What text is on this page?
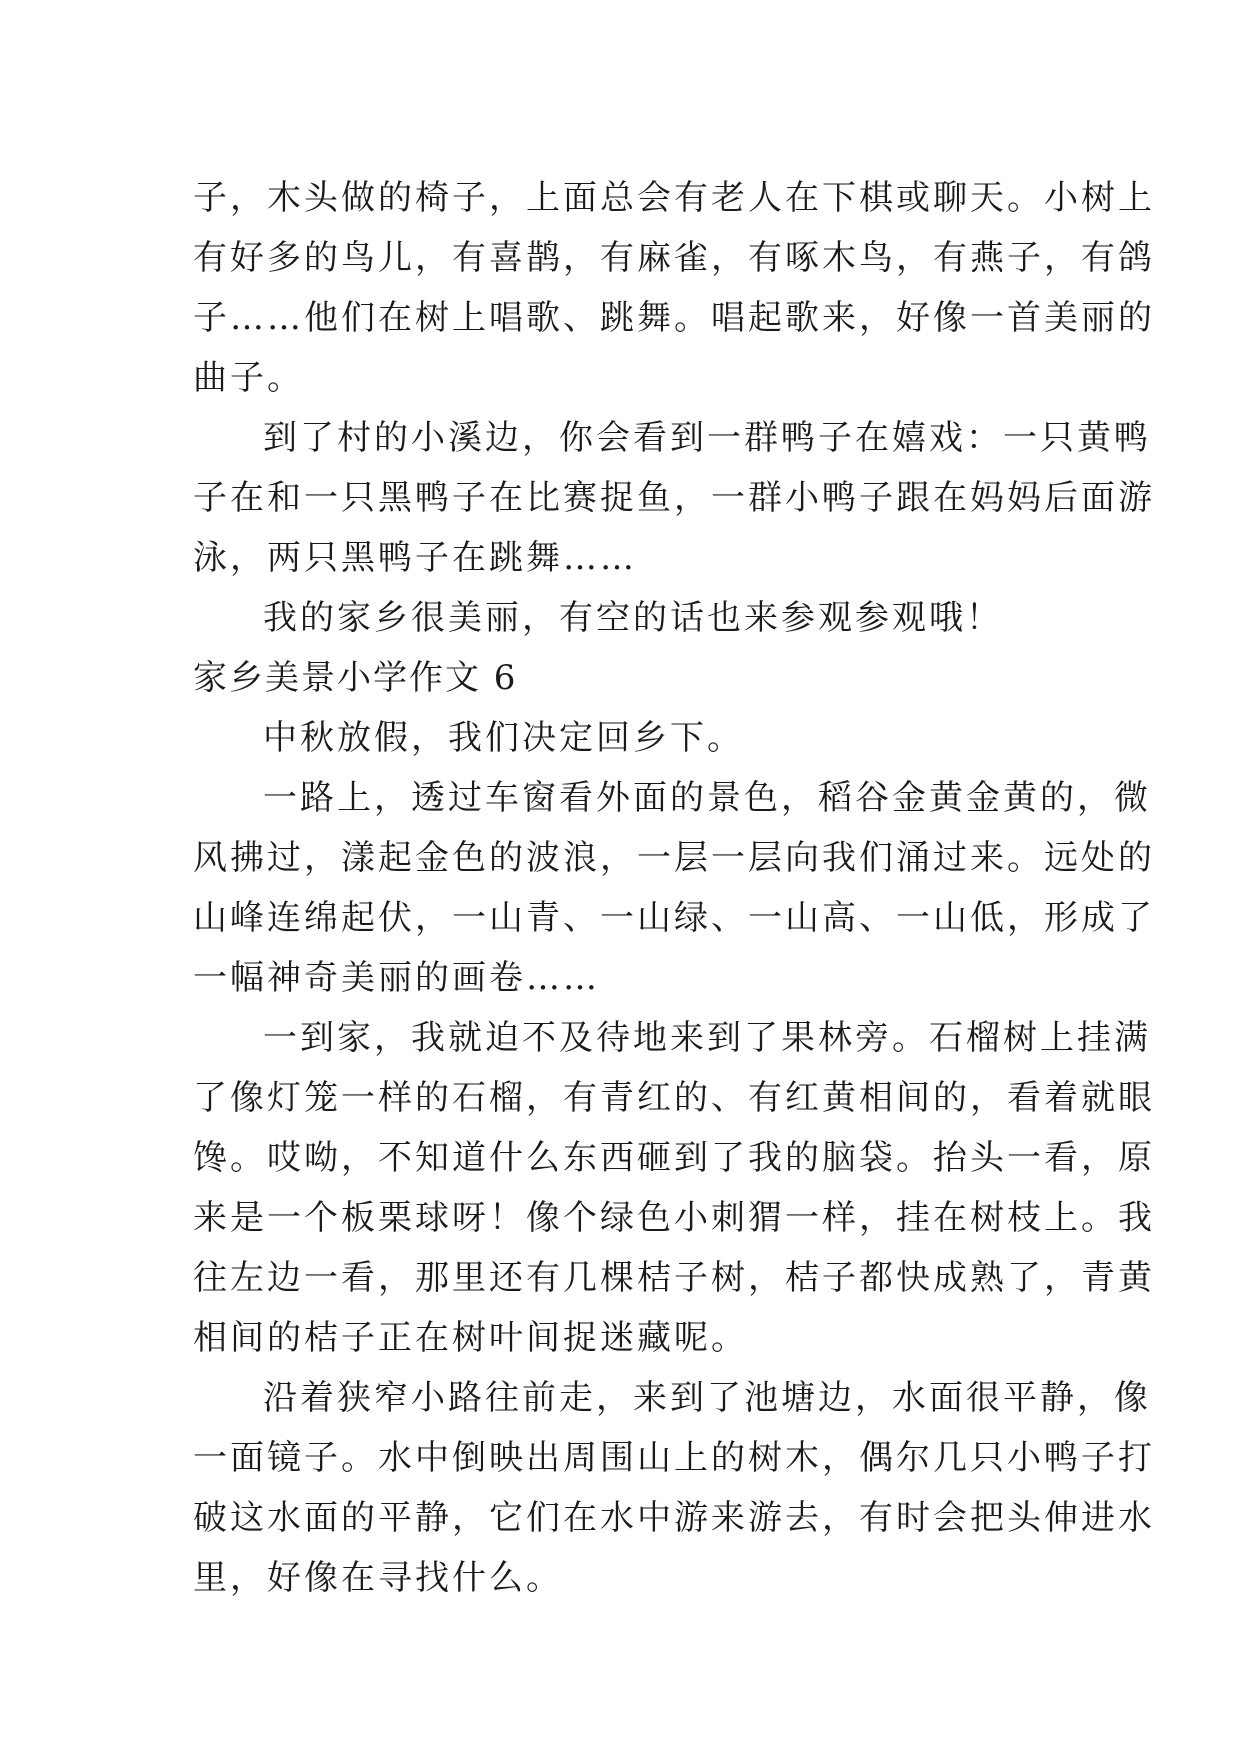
子，木头做的椅子，上面总会有老人在下棋或聊天。小树上
有好多的鸟儿，有喜鹊，有麻雀，有啄木鸟，有燕子，有鸽
子……他们在树上唱歌、跳舞。唱起歌来，好像一首美丽的
曲子。
到了村的小溪边，你会看到一群鸭子在嬉戏：一只黄鸭
子在和一只黑鸭子在比赛捉鱼，一群小鸭子跟在妈妈后面游
泳，两只黑鸭子在跳舞……
我的家乡很美丽，有空的话也来参观参观哦！
家乡美景小学作文 6
中秋放假，我们决定回乡下。
一路上，透过车窗看外面的景色，稻谷金黄金黄的，微
风拂过，漾起金色的波浪，一层一层向我们涌过来。远处的
山峰连绵起伏，一山青、一山绿、一山高、一山低，形成了
一幅神奇美丽的画卷……
一到家，我就迫不及待地来到了果林旁。石榴树上挂满
了像灯笼一样的石榴，有青红的、有红黄相间的，看着就眼
馋。哎呦，不知道什么东西砸到了我的脑袋。抬头一看，原
来是一个板栗球呀！像个绿色小刺猬一样，挂在树枝上。我
往左边一看，那里还有几棵桔子树，桔子都快成熟了，青黄
相间的桔子正在树叶间捉迷藏呢。
沿着狭窄小路往前走，来到了池塘边，水面很平静，像
一面镜子。水中倒映出周围山上的树木，偶尔几只小鸭子打
破这水面的平静，它们在水中游来游去，有时会把头伸进水
里，好像在寻找什么。
